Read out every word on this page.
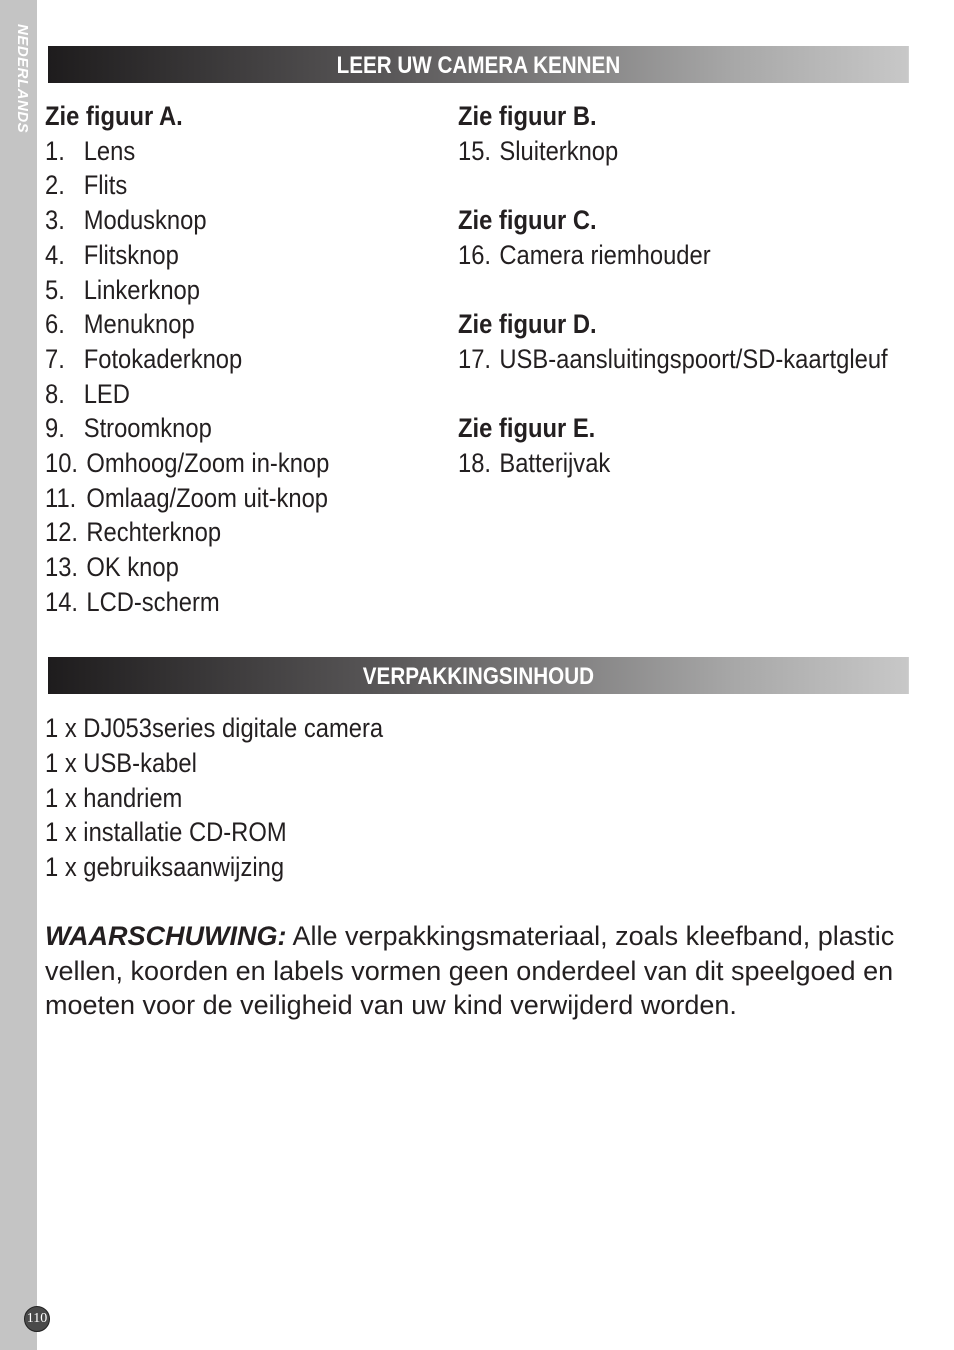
NEDERLANDS
110
LEER UW CAMERA KENNEN
Zie figuur A.
1. Lens
2. Flits
3. Modusknop
4. Flitsknop
5. Linkerknop
6. Menuknop
7. Fotokaderknop
8. LED
9. Stroomknop
10. Omhoog/Zoom in-knop
11. Omlaag/Zoom uit-knop
12. Rechterknop
13. OK knop
14. LCD-scherm
Zie figuur B.
15. Sluiterknop
Zie figuur C.
16. Camera riemhouder
Zie figuur D.
17. USB-aansluitingspoort/SD-kaartgleuf
Zie figuur E.
18. Batterijvak
VERPAKKINGSINHOUD
1 x DJ053series digitale camera
1 x USB-kabel
1 x handriem
1 x installatie CD-ROM
1 x gebruiksaanwijzing
WAARSCHUWING: Alle verpakkingsmateriaal, zoals kleefband, plastic vellen, koorden en labels vormen geen onderdeel van dit speelgoed en moeten voor de veiligheid van uw kind verwijderd worden.
